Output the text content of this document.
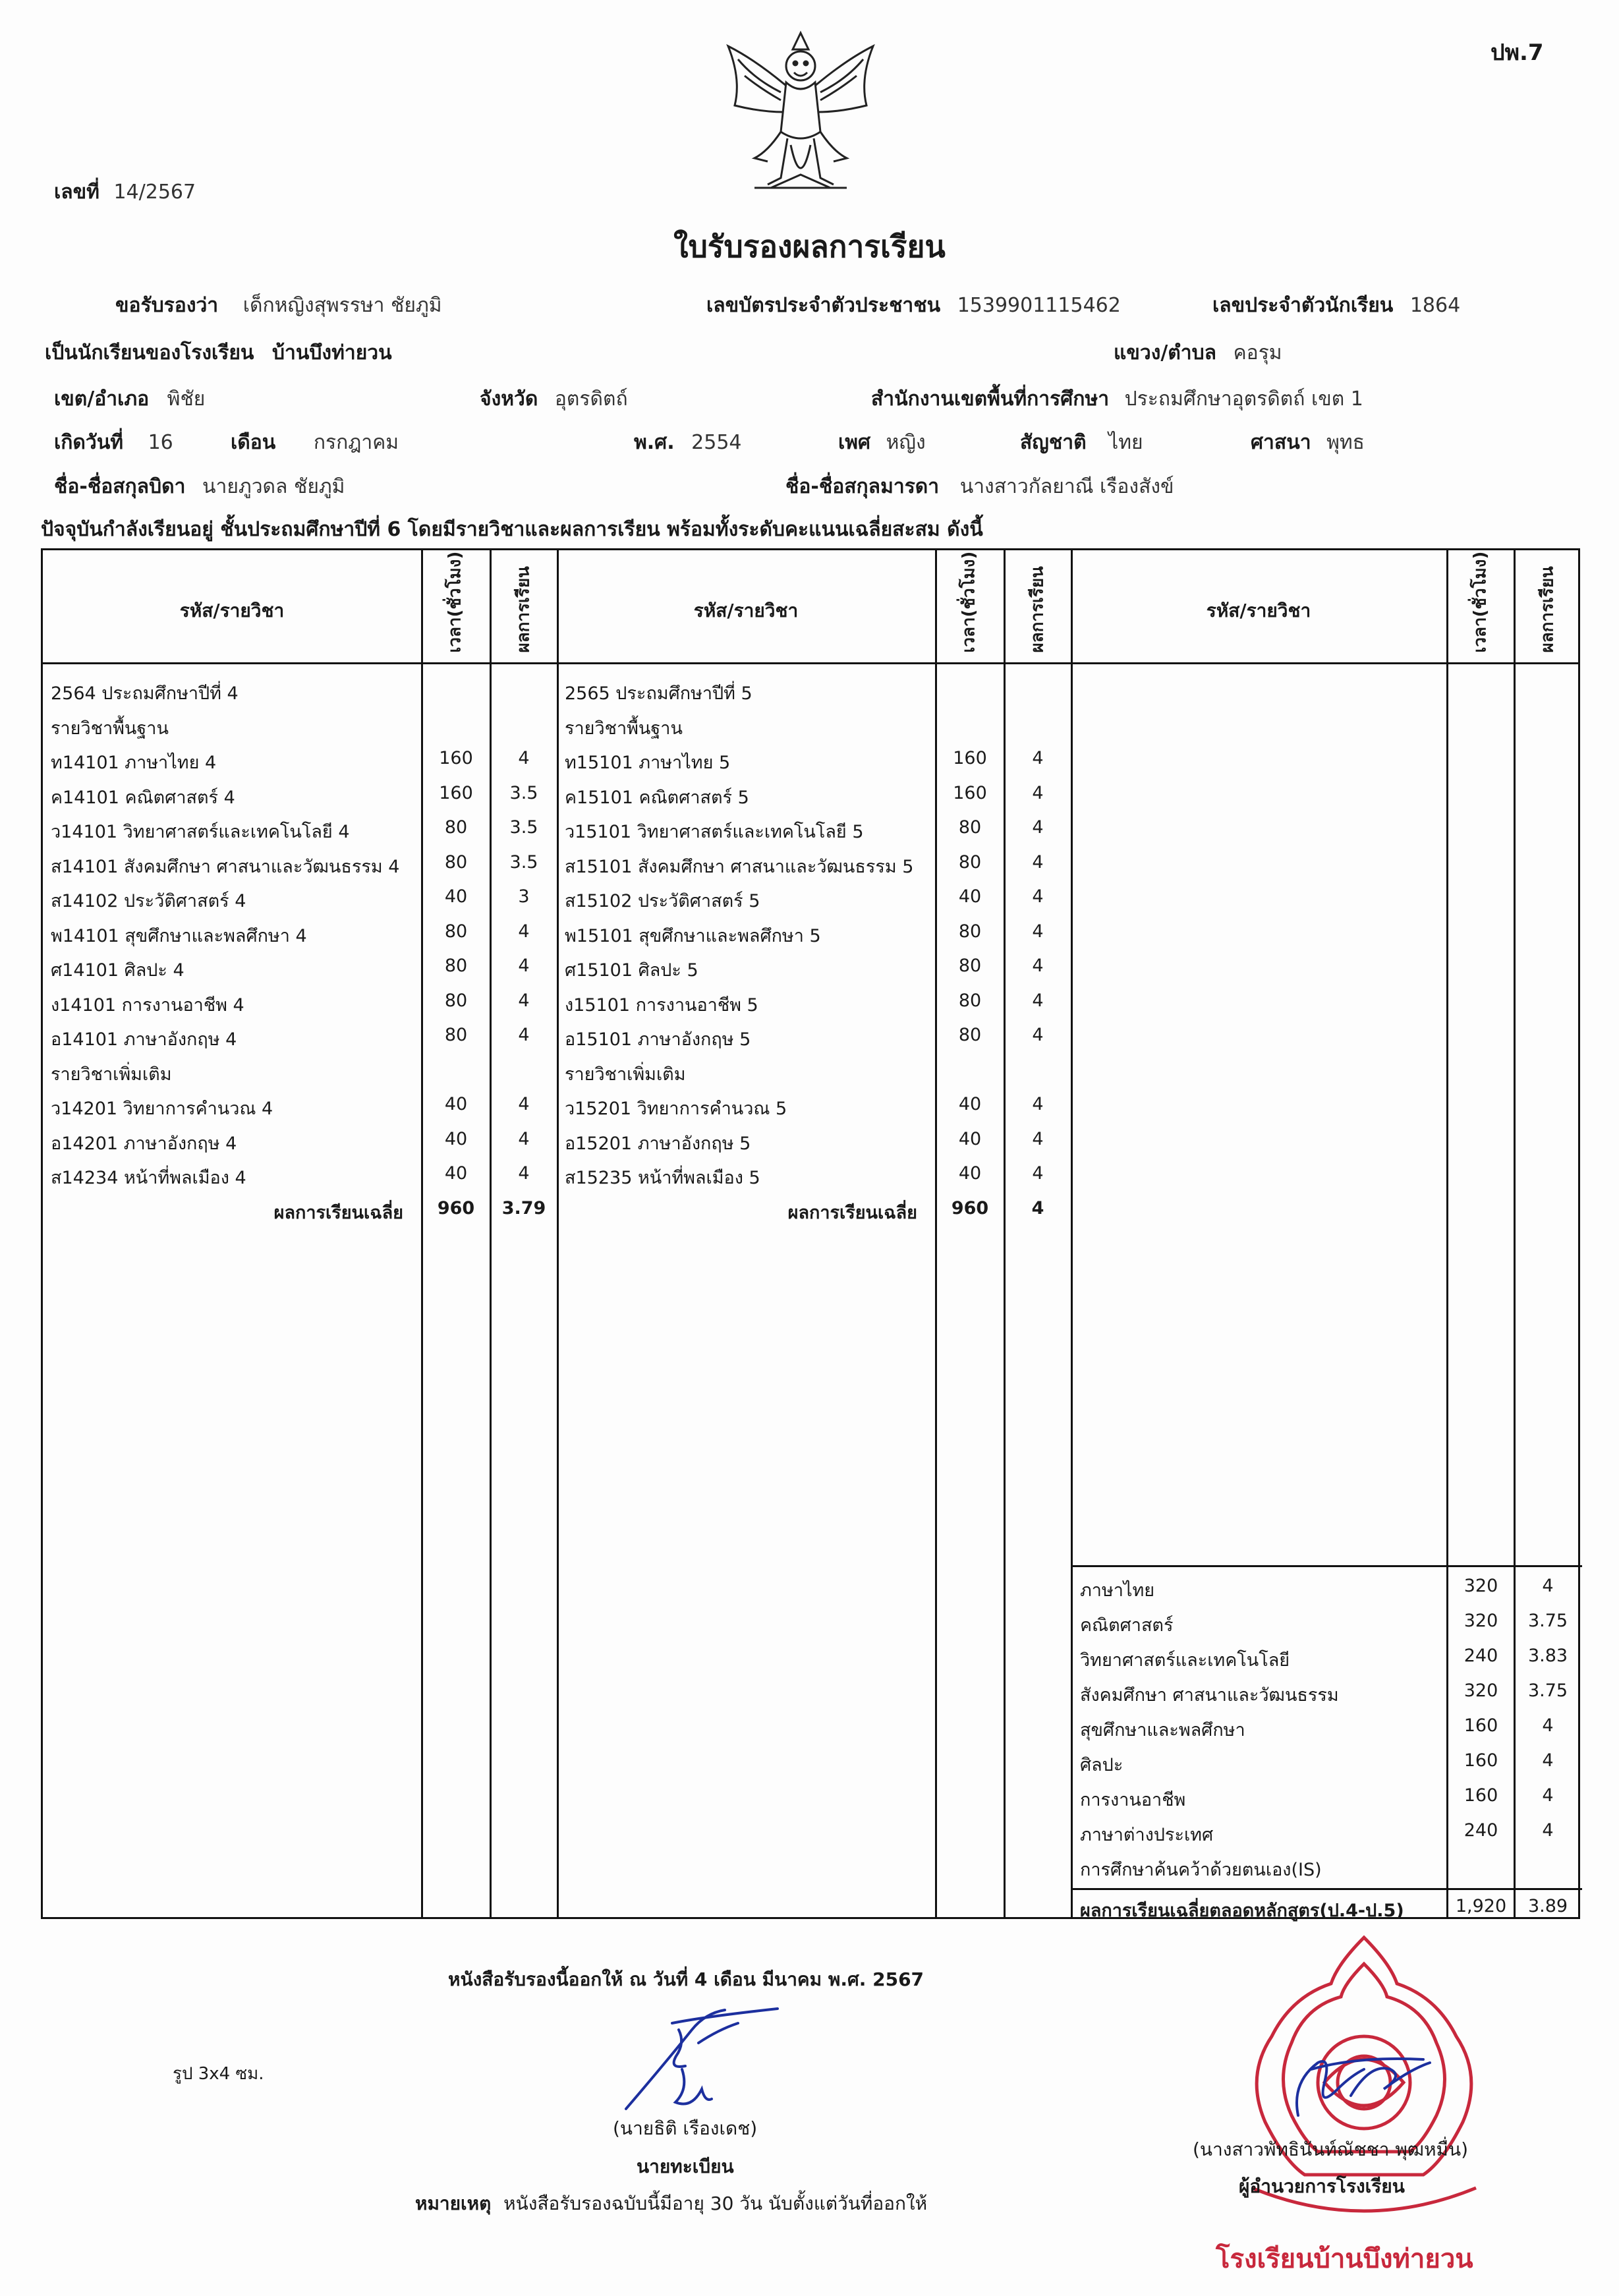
ปพ.7
เลขที่ 14/2567
ใบรับรองผลการเรียน
ขอรับรองว่า เด็กหญิงสุพรรษา ชัยภูมิ	เลขบัตรประจำตัวประชาชน 1539901115462	เลขประจำตัวนักเรียน 1864
เป็นนักเรียนของโรงเรียน บ้านบึงท่ายวน	แขวง/ตำบล คอรุม
เขต/อำเภอ พิชัย	จังหวัด อุตรดิตถ์	สำนักงานเขตพื้นที่การศึกษา ประถมศึกษาอุตรดิตถ์ เขต 1
เกิดวันที่ 16	เดือน กรกฎาคม	พ.ศ. 2554	เพศ หญิง	สัญชาติ ไทย	ศาสนา พุทธ
ชื่อ-ชื่อสกุลบิดา นายภูวดล ชัยภูมิ	ชื่อ-ชื่อสกุลมารดา นางสาวกัลยาณี เรืองสังข์
ปัจจุบันกำลังเรียนอยู่ ชั้นประถมศึกษาปีที่ 6 โดยมีรายวิชาและผลการเรียน พร้อมทั้งระดับคะแนนเฉลี่ยสะสม ดังนี้
รหัส/รายวิชา	เวลา(ชั่วโมง)	ผลการเรียน	รหัส/รายวิชา	เวลา(ชั่วโมง)	ผลการเรียน	รหัส/รายวิชา	เวลา(ชั่วโมง)	ผลการเรียน
2564 ประถมศึกษาปีที่ 4
รายวิชาพื้นฐาน
ท14101 ภาษาไทย 4	160	4
ค14101 คณิตศาสตร์ 4	160	3.5
ว14101 วิทยาศาสตร์และเทคโนโลยี 4	80	3.5
ส14101 สังคมศึกษา ศาสนาและวัฒนธรรม 4	80	3.5
ส14102 ประวัติศาสตร์ 4	40	3
พ14101 สุขศึกษาและพลศึกษา 4	80	4
ศ14101 ศิลปะ 4	80	4
ง14101 การงานอาชีพ 4	80	4
อ14101 ภาษาอังกฤษ 4	80	4
รายวิชาเพิ่มเติม
ว14201 วิทยาการคำนวณ 4	40	4
อ14201 ภาษาอังกฤษ 4	40	4
ส14234 หน้าที่พลเมือง 4	40	4
ผลการเรียนเฉลี่ย	960	3.79
2565 ประถมศึกษาปีที่ 5
รายวิชาพื้นฐาน
ท15101 ภาษาไทย 5	160	4
ค15101 คณิตศาสตร์ 5	160	4
ว15101 วิทยาศาสตร์และเทคโนโลยี 5	80	4
ส15101 สังคมศึกษา ศาสนาและวัฒนธรรม 5	80	4
ส15102 ประวัติศาสตร์ 5	40	4
พ15101 สุขศึกษาและพลศึกษา 5	80	4
ศ15101 ศิลปะ 5	80	4
ง15101 การงานอาชีพ 5	80	4
อ15101 ภาษาอังกฤษ 5	80	4
รายวิชาเพิ่มเติม
ว15201 วิทยาการคำนวณ 5	40	4
อ15201 ภาษาอังกฤษ 5	40	4
ส15235 หน้าที่พลเมือง 5	40	4
ผลการเรียนเฉลี่ย	960	4
ภาษาไทย	320	4
คณิตศาสตร์	320	3.75
วิทยาศาสตร์และเทคโนโลยี	240	3.83
สังคมศึกษา ศาสนาและวัฒนธรรม	320	3.75
สุขศึกษาและพลศึกษา	160	4
ศิลปะ	160	4
การงานอาชีพ	160	4
ภาษาต่างประเทศ	240	4
การศึกษาค้นคว้าด้วยตนเอง(IS)
ผลการเรียนเฉลี่ยตลอดหลักสูตร(ป.4-ป.5)	1,920	3.89
หนังสือรับรองนี้ออกให้ ณ วันที่ 4 เดือน มีนาคม พ.ศ. 2567
รูป 3x4 ซม.
(นายธิติ เรืองเดช)
นายทะเบียน
หมายเหตุ หนังสือรับรองฉบับนี้มีอายุ 30 วัน นับตั้งแต่วันที่ออกให้
โรงเรียนบ้านบึงท่ายวน
(นางสาวพัทธินันท์ณัชชา พุฒหมื่น)
ผู้อำนวยการโรงเรียน
